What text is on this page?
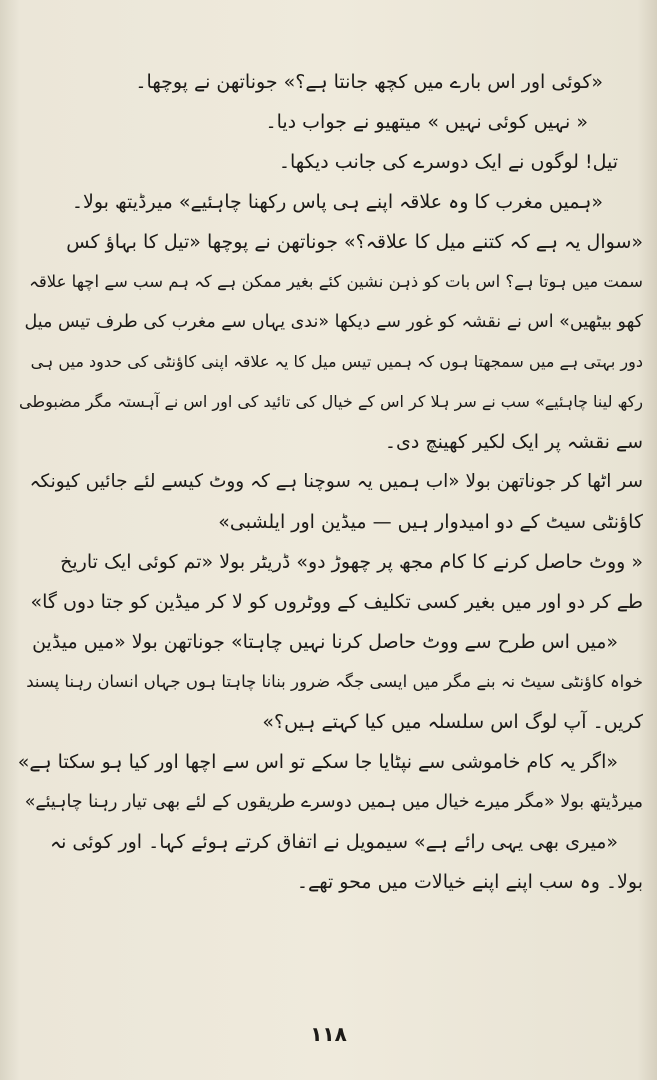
«کوئی اور اس بارے میں کچھ جانتا ہے؟» جوناتھن نے پوچھا۔
« نہیں کوئی نہیں » میتھیو نے جواب دیا۔
تیل! لوگوں نے ایک دوسرے کی جانب دیکھا۔
«ہمیں مغرب کا وہ علاقہ اپنے ہی پاس رکھنا چاہئیے» میرڈیتھ بولا۔
«سوال یہ ہے کہ کتنے میل کا علاقہ؟» جوناتھن نے پوچھا «تیل کا بہاؤ کس
سمت میں ہوتا ہے؟ اس بات کو ذہن نشین کئے بغیر ممکن ہے کہ ہم سب سے اچھا علاقہ
کھو بیٹھیں» اس نے نقشہ کو غور سے دیکھا «ندی یہاں سے مغرب کی طرف تیس میل
دور بہتی ہے میں سمجھتا ہوں کہ ہمیں تیس میل کا یہ علاقہ اپنی کاؤنٹی کی حدود میں ہی
رکھ لینا چاہئیے» سب نے سر ہلا کر اس کے خیال کی تائید کی اور اس نے آہستہ مگر مضبوطی
سے نقشہ پر ایک لکیر کھینچ دی۔
سر اٹھا کر جوناتھن بولا «اب ہمیں یہ سوچنا ہے کہ ووٹ کیسے لئے جائیں کیونکہ
کاؤنٹی سیٹ کے دو امیدوار ہیں — میڈین اور ایلشبی»
« ووٹ حاصل کرنے کا کام مجھ پر چھوڑ دو» ڈریٹر بولا «تم کوئی ایک تاریخ
طے کر دو اور میں بغیر کسی تکلیف کے ووٹروں کو لا کر میڈین کو جتا دوں گا»
«میں اس طرح سے ووٹ حاصل کرنا نہیں چاہتا» جوناتھن بولا «میں میڈین
خواہ کاؤنٹی سیٹ نہ بنے مگر میں ایسی جگہ ضرور بنانا چاہتا ہوں جہاں انسان رہنا پسند
کریں۔ آپ لوگ اس سلسلہ میں کیا کہتے ہیں؟»
«اگر یہ کام خاموشی سے نپٹایا جا سکے تو اس سے اچھا اور کیا ہو سکتا ہے»
میرڈیتھ بولا «مگر میرے خیال میں ہمیں دوسرے طریقوں کے لئے بھی تیار رہنا چاہیئے»
«میری بھی یہی رائے ہے» سیمویل نے اتفاق کرتے ہوئے کہا۔ اور کوئی نہ
بولا۔ وہ سب اپنے اپنے خیالات میں محو تھے۔
۱۱۸
